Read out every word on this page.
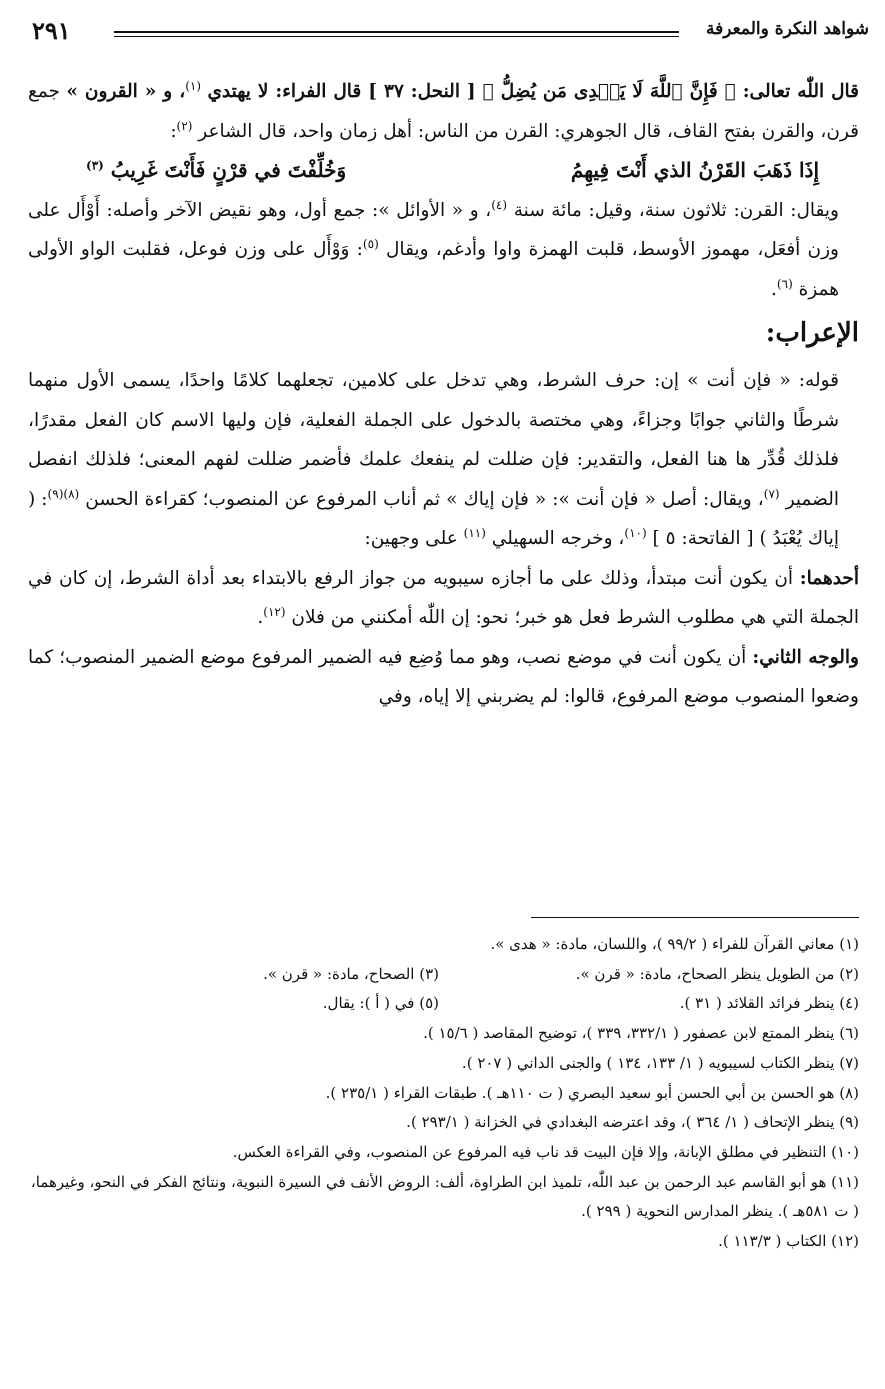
شواهد النكرة والمعرفة
٢٩١

قال اللّٰه تعالى: ﴿ فَإِنَّ ٱللَّهَ لَا يَهۡدِى مَن يُضِلُّ ﴾ [ النحل: ٣٧ ] قال الفراء: لا يهتدي $^{(١)}$، و « القرون » جمع قرن، والقرن بفتح القاف، قال الجوهري: القرن من الناس: أهل زمان واحد، قال الشاعر $^{(٢)}$:

إِذَا ذَهَبَ القَرْنُ الذي أَنْتَ فِيهِمُ
وَخُلِّفْتَ في قرْنٍ فَأَنْتَ غَرِيبُ $^{(٣)}$

ويقال: القرن: ثلاثون سنة، وقيل: مائة سنة $^{(٤)}$، و « الأوائل »: جمع أول، وهو نقيض الآخر وأصله: أَوْأَل على وزن أفعَل، مهموز الأوسط، قلبت الهمزة واوا وأدغم، ويقال $^{(٥)}$: وَوْأَل على وزن فوعل، فقلبت الواو الأولى همزة $^{(٦)}$.

الإعراب:

قوله: « فإن أنت » إن: حرف الشرط، وهي تدخل على كلامين، تجعلهما كلامًا واحدًا، يسمى الأول منهما شرطًا والثاني جوابًا وجزاءً، وهي مختصة بالدخول على الجملة الفعلية، فإن وليها الاسم كان الفعل مقدرًا، فلذلك قُدِّر ها هنا الفعل، والتقدير: فإن ضللت لم ينفعك علمك فأضمر ضللت لفهم المعنى؛ فلذلك انفصل الضمير $^{(٧)}$، ويقال: أصل « فإن أنت »: « فإن إياك » ثم أناب المرفوع عن المنصوب؛ كقراءة الحسن $^{(٨)(٩)}$: ( إياك يُعْبَدُ ) [ الفاتحة: ٥ ] $^{(١٠)}$، وخرجه السهيلي $^{(١١)}$ على وجهين:

أحدهما: أن يكون أنت مبتدأ، وذلك على ما أجازه سيبويه من جواز الرفع بالابتداء بعد أداة الشرط، إن كان في الجملة التي هي مطلوب الشرط فعل هو خبر؛ نحو: إن اللّٰه أمكنني من فلان $^{(١٢)}$.

والوجه الثاني: أن يكون أنت في موضع نصب، وهو مما وُضِع فيه الضمير المرفوع موضع الضمير المنصوب؛ كما وضعوا المنصوب موضع المرفوع، قالوا: لم يضربني إلا إياه، وفي

(١) معاني القرآن للفراء ( ٩٩/٢ )، واللسان، مادة: « هدى ».
(٢) من الطويل ينظر الصحاح، مادة: « قرن ».
(٣) الصحاح، مادة: « قرن ».
(٤) ينظر فرائد القلائد ( ٣١ ).
(٥) في ( أ ): يقال.
(٦) ينظر الممتع لابن عصفور ( ٣٣٢/١، ٣٣٩ )، توضيح المقاصد ( ١٥/٦ ).
(٧) ينظر الكتاب لسيبويه ( ١/ ١٣٣، ١٣٤ ) والجنى الداني ( ٢٠٧ ).
(٨) هو الحسن بن أبي الحسن أبو سعيد البصري ( ت ١١٠هـ ). طبقات القراء ( ٢٣٥/١ ).
(٩) ينظر الإتحاف ( ١/ ٣٦٤ )، وقد اعترضه البغدادي في الخزانة ( ٢٩٣/١ ).
(١٠) التنظير في مطلق الإبانة، وإلا فإن البيت قد ناب فيه المرفوع عن المنصوب، وفي القراءة العكس.
(١١) هو أبو القاسم عبد الرحمن بن عبد اللّٰه، تلميذ ابن الطراوة، ألف: الروض الأنف في السيرة النبوية، ونتائج الفكر في النحو، وغيرهما، ( ت ٥٨١هـ ). ينظر المدارس النحوية ( ٢٩٩ ).
(١٢) الكتاب ( ١١٣/٣ ).
